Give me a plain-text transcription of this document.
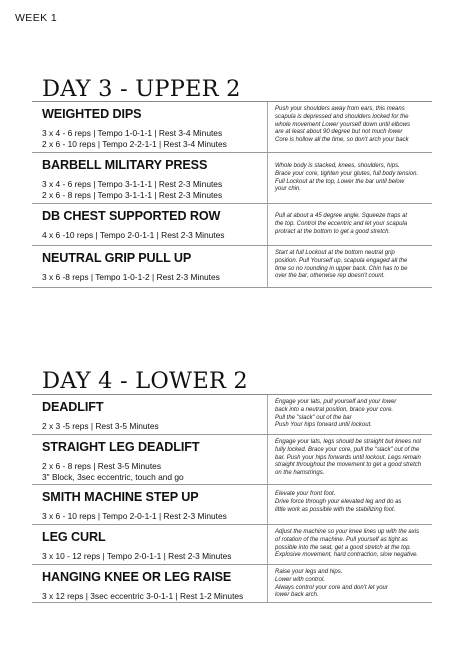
WEEK 1
DAY 3 - UPPER 2
WEIGHTED DIPS
3 x 4 - 6 reps | Tempo 1-0-1-1 | Rest 3-4 Minutes
2 x 6 - 10 reps | Tempo 2-2-1-1 | Rest 3-4 Minutes
Push your shoulders away from ears, this means
scapula is depressed and shoulders locked for the
whole movement Lower yourself down until elbows
are at least about 90 degree but not much lower
Core is hollow all the time, so don't arch your back
BARBELL MILITARY PRESS
3 x 4 - 6 reps | Tempo 3-1-1-1 | Rest 2-3 Minutes
2 x 6 - 8 reps | Tempo 3-1-1-1 | Rest 2-3 Minutes
Whole body is stacked, knees, shoulders, hips.
Brace your core, tighten your glutes, full body tension.
Full Lockout at the top, Lower the bar until below
your chin.
DB CHEST SUPPORTED ROW
4 x 6 -10 reps | Tempo 2-0-1-1 | Rest 2-3 Minutes
Pull at about a 45 degree angle. Squeeze traps at
the top. Control the eccentric and let your scapula
protract at the bottom to get a good stretch.
NEUTRAL GRIP PULL UP
3 x 6 -8 reps | Tempo 1-0-1-2 | Rest 2-3 Minutes
Start at full Lockout at the bottom neutral grip
position. Pull Yourself up, scapula engaged all the
time so no rounding in upper back. Chin has to be
over the bar, otherwise rep doesn't count.
DAY 4 - LOWER 2
DEADLIFT
2 x 3 -5 reps | Rest 3-5 Minutes
Engage your lats, pull yourself and your lower
back into a neutral position, brace your core.
Pull the "slack" out of the bar
Push Your hips forward until lockout.
STRAIGHT LEG DEADLIFT
2 x 6 - 8 reps | Rest 3-5 Minutes
3" Block, 3sec eccentric, touch and go
Engage your lats, legs should be straight but knees not
fully locked. Brace your core, pull the "slack" out of the
bar. Push your hips forwards until lockout. Legs remain
straight throughout the movement to get a good stretch
on the hamstrings.
SMITH MACHINE STEP UP
3 x 6 - 10 reps | Tempo 2-0-1-1 | Rest 2-3 Minutes
Elevate your front foot.
Drive force through your elevated leg and do as
little work as possible with the stabilizing foot.
LEG CURL
3 x 10 - 12 reps | Tempo 2-0-1-1 | Rest 2-3 Minutes
Adjust the machine so your knee lines up with the axis
of rotation of the machine. Pull yourself as tight as
possible into the seat, get a good stretch at the top.
Explosive movement, hard contraction, slow negative.
HANGING KNEE OR LEG RAISE
3 x 12 reps | 3sec eccentric 3-0-1-1 | Rest 1-2 Minutes
Raise your legs and hips.
Lower with control.
Always control your core and don't let your
lower back arch.
